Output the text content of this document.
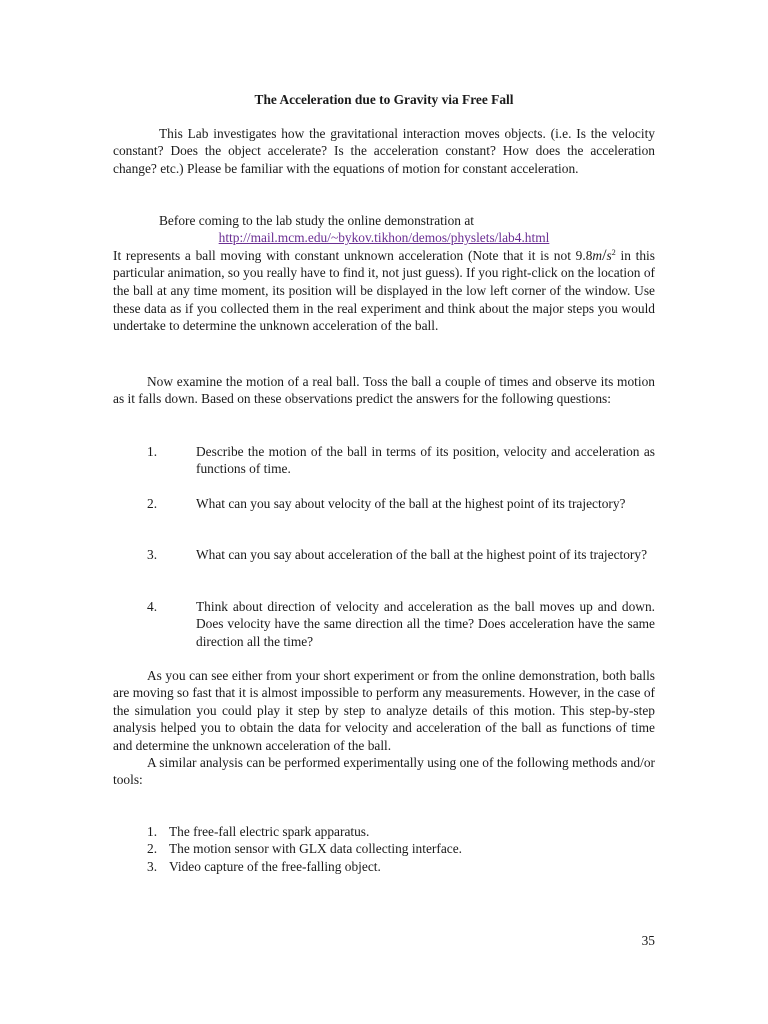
The Acceleration due to Gravity via Free Fall

This Lab investigates how the gravitational interaction moves objects. (i.e. Is the velocity constant? Does the object accelerate? Is the acceleration constant? How does the acceleration change? etc.) Please be familiar with the equations of motion for constant acceleration.

Before coming to the lab study the online demonstration at

http://mail.mcm.edu/~bykov.tikhon/demos/physlets/lab4.html

It represents a ball moving with constant unknown acceleration (Note that it is not $9.8m/s^2$ in this particular animation, so you really have to find it, not just guess). If you right-click on the location of the ball at any time moment, its position will be displayed in the low left corner of the window. Use these data as if you collected them in the real experiment and think about the major steps you would undertake to determine the unknown acceleration of the ball.

Now examine the motion of a real ball. Toss the ball a couple of times and observe its motion as it falls down. Based on these observations predict the answers for the following questions:

1.	Describe the motion of the ball in terms of its position, velocity and acceleration as functions of time.
2.	What can you say about velocity of the ball at the highest point of its trajectory?
3.	What can you say about acceleration of the ball at the highest point of its trajectory?
4.	Think about direction of velocity and acceleration as the ball moves up and down. Does velocity have the same direction all the time? Does acceleration have the same direction all the time?

As you can see either from your short experiment or from the online demonstration, both balls are moving so fast that it is almost impossible to perform any measurements. However, in the case of the simulation you could play it step by step to analyze details of this motion. This step-by-step analysis helped you to obtain the data for velocity and acceleration of the ball as functions of time and determine the unknown acceleration of the ball.

A similar analysis can be performed experimentally using one of the following methods and/or tools:

1. The free-fall electric spark apparatus.
2. The motion sensor with GLX data collecting interface.
3. Video capture of the free-falling object.
35
